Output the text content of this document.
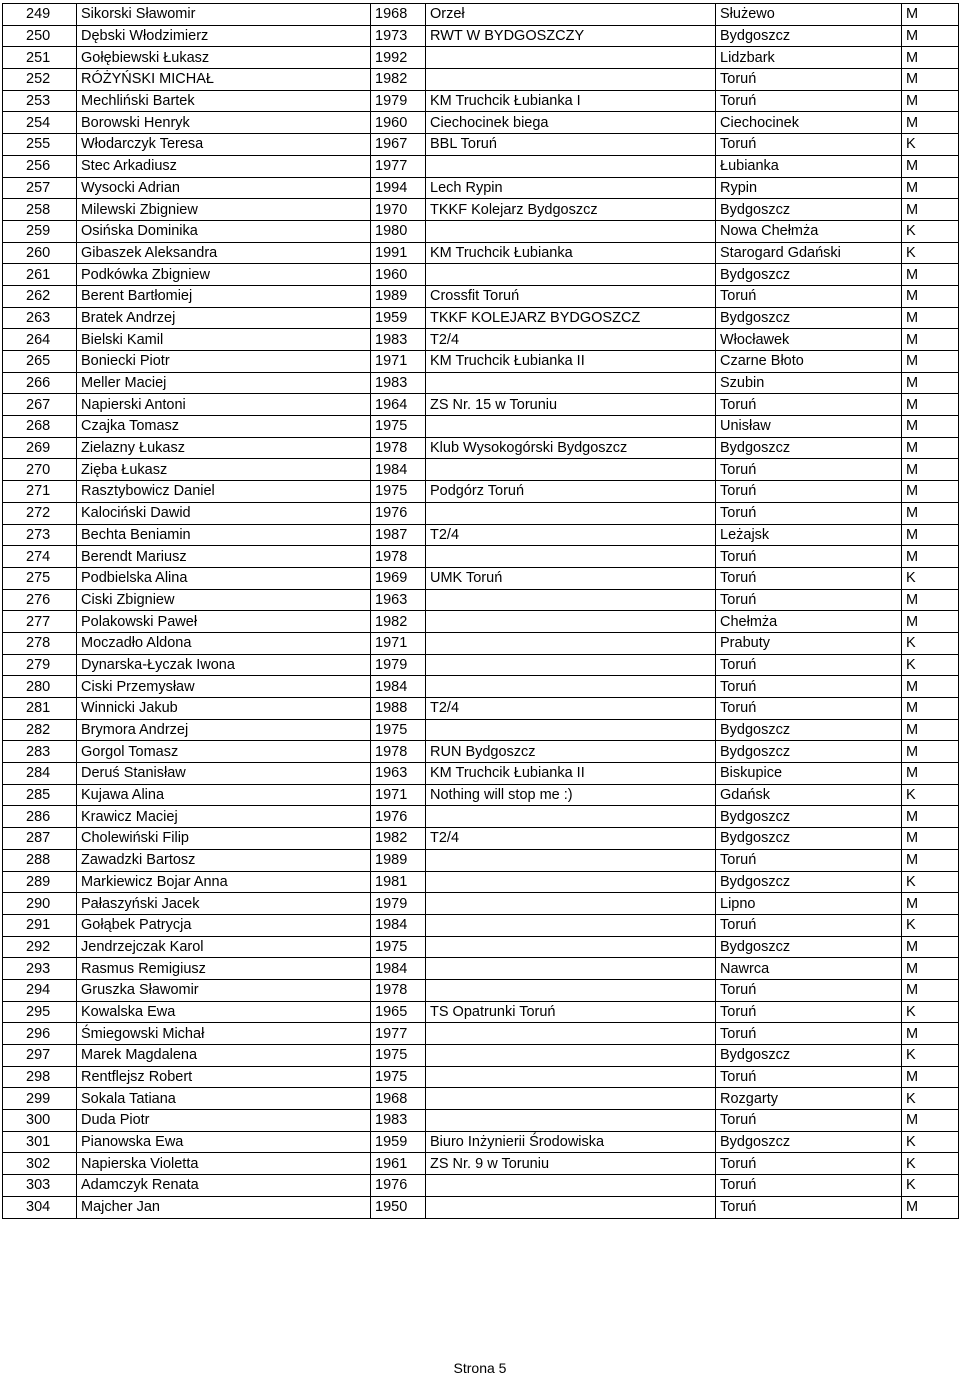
249	Sikorski Sławomir	1968	Orzeł	Służewo	M
250	Dębski Włodzimierz	1973	RWT W BYDGOSZCZY	Bydgoszcz	M
251	Gołębiewski Łukasz	1992		Lidzbark	M
252	RÓŻYŃSKI MICHAŁ	1982		Toruń	M
253	Mechliński Bartek	1979	KM Truchcik Łubianka I	Toruń	M
254	Borowski Henryk	1960	Ciechocinek biega	Ciechocinek	M
255	Włodarczyk Teresa	1967	BBL Toruń	Toruń	K
256	Stec Arkadiusz	1977		Łubianka	M
257	Wysocki Adrian	1994	Lech Rypin	Rypin	M
258	Milewski Zbigniew	1970	TKKF Kolejarz Bydgoszcz	Bydgoszcz	M
259	Osińska Dominika	1980		Nowa Chełmża	K
260	Gibaszek Aleksandra	1991	KM Truchcik Łubianka	Starogard Gdański	K
261	Podkówka Zbigniew	1960		Bydgoszcz	M
262	Berent Bartłomiej	1989	Crossfit Toruń	Toruń	M
263	Bratek Andrzej	1959	TKKF KOLEJARZ BYDGOSZCZ	Bydgoszcz	M
264	Bielski Kamil	1983	T2/4	Włocławek	M
265	Boniecki Piotr	1971	KM Truchcik Łubianka II	Czarne Błoto	M
266	Meller Maciej	1983		Szubin	M
267	Napierski Antoni	1964	ZS Nr. 15 w Toruniu	Toruń	M
268	Czajka Tomasz	1975		Unisław	M
269	Zielazny Łukasz	1978	Klub Wysokogórski Bydgoszcz	Bydgoszcz	M
270	Zięba Łukasz	1984		Toruń	M
271	Rasztybowicz Daniel	1975	Podgórz Toruń	Toruń	M
272	Kalociński Dawid	1976		Toruń	M
273	Bechta Beniamin	1987	T2/4	Leżajsk	M
274	Berendt Mariusz	1978		Toruń	M
275	Podbielska Alina	1969	UMK Toruń	Toruń	K
276	Ciski Zbigniew	1963		Toruń	M
277	Polakowski Paweł	1982		Chełmża	M
278	Moczadło Aldona	1971		Prabuty	K
279	Dynarska-Łyczak Iwona	1979		Toruń	K
280	Ciski Przemysław	1984		Toruń	M
281	Winnicki Jakub	1988	T2/4	Toruń	M
282	Brymora Andrzej	1975		Bydgoszcz	M
283	Gorgol Tomasz	1978	RUN Bydgoszcz	Bydgoszcz	M
284	Deruś Stanisław	1963	KM Truchcik Łubianka II	Biskupice	M
285	Kujawa Alina	1971	Nothing will stop me :)	Gdańsk	K
286	Krawicz Maciej	1976		Bydgoszcz	M
287	Cholewiński Filip	1982	T2/4	Bydgoszcz	M
288	Zawadzki Bartosz	1989		Toruń	M
289	Markiewicz Bojar Anna	1981		Bydgoszcz	K
290	Pałaszyński Jacek	1979		Lipno	M
291	Gołąbek Patrycja	1984		Toruń	K
292	Jendrzejczak Karol	1975		Bydgoszcz	M
293	Rasmus Remigiusz	1984		Nawrca	M
294	Gruszka Sławomir	1978		Toruń	M
295	Kowalska Ewa	1965	TS Opatrunki Toruń	Toruń	K
296	Śmiegowski Michał	1977		Toruń	M
297	Marek Magdalena	1975		Bydgoszcz	K
298	Rentflejsz Robert	1975		Toruń	M
299	Sokala Tatiana	1968		Rozgarty	K
300	Duda Piotr	1983		Toruń	M
301	Pianowska Ewa	1959	Biuro Inżynierii Środowiska	Bydgoszcz	K
302	Napierska Violetta	1961	ZS Nr. 9 w Toruniu	Toruń	K
303	Adamczyk Renata	1976		Toruń	K
304	Majcher Jan	1950		Toruń	M
Strona 5
